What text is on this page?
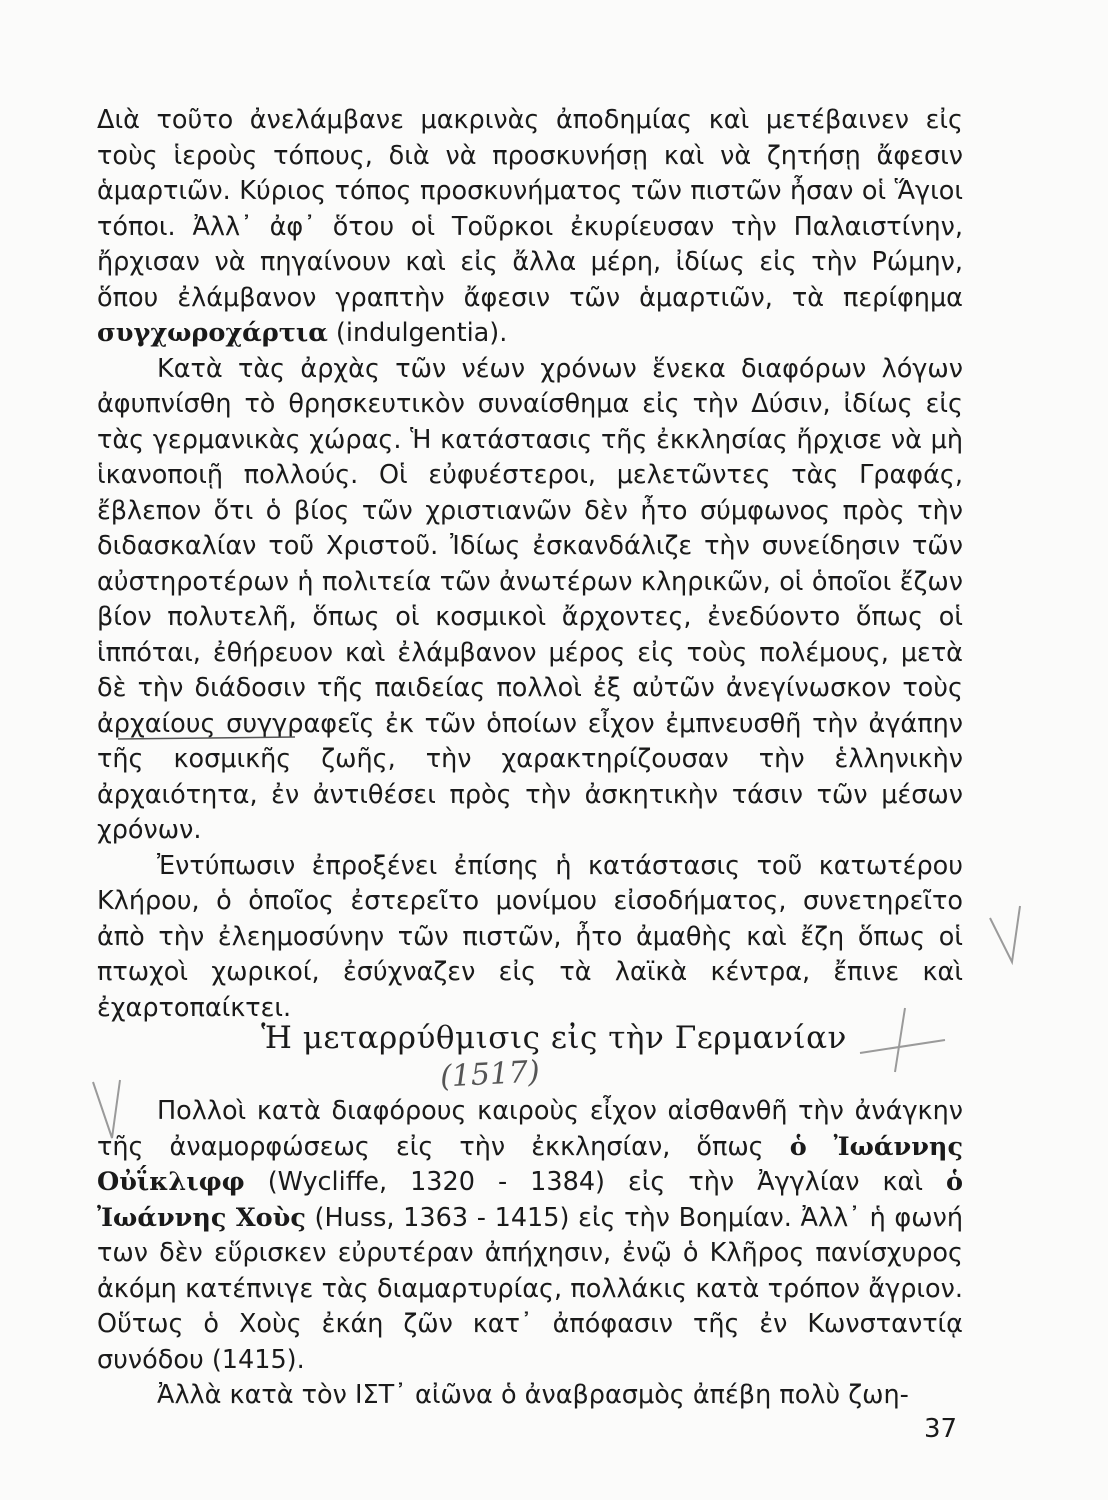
Διὰ τοῦτο ἀνελάμβανε μακρινὰς ἀποδημίας καὶ μετέβαινεν εἰς τοὺς ἱεροὺς τόπους, διὰ νὰ προσκυνήσῃ καὶ νὰ ζητήσῃ ἄφεσιν ἁμαρτιῶν. Κύριος τόπος προσκυνήματος τῶν πιστῶν ἦσαν οἱ Ἅγιοι τόποι. Ἀλλ᾽ ἀφ᾽ ὅτου οἱ Τοῦρκοι ἐκυρίευσαν τὴν Παλαιστίνην, ἤρχισαν νὰ πηγαίνουν καὶ εἰς ἄλλα μέρη, ἰδίως εἰς τὴν Ρώμην, ὅπου ἐλάμβανον γραπτὴν ἄφεσιν τῶν ἁμαρτιῶν, τὰ περίφημα συγχωροχάρτια (indulgentia).

Κατὰ τὰς ἀρχὰς τῶν νέων χρόνων ἕνεκα διαφόρων λόγων ἀφυπνίσθη τὸ θρησκευτικὸν συναίσθημα εἰς τὴν Δύσιν, ἰδίως εἰς τὰς γερμανικὰς χώρας. Ἡ κατάστασις τῆς ἐκκλησίας ἤρχισε νὰ μὴ ἱκανοποιῇ πολλούς. Οἱ εὐφυέστεροι, μελετῶντες τὰς Γραφάς, ἔβλεπον ὅτι ὁ βίος τῶν χριστιανῶν δὲν ἦτο σύμφωνος πρὸς τὴν διδασκαλίαν τοῦ Χριστοῦ. Ἰδίως ἐσκανδάλιζε τὴν συνείδησιν τῶν αὐστηροτέρων ἡ πολιτεία τῶν ἀνωτέρων κληρικῶν, οἱ ὁποῖοι ἔζων βίον πολυτελῆ, ὅπως οἱ κοσμικοὶ ἄρχοντες, ἐνεδύοντο ὅπως οἱ ἱππόται, ἐθήρευον καὶ ἐλάμβανον μέρος εἰς τοὺς πολέμους, μετὰ δὲ τὴν διάδοσιν τῆς παιδείας πολλοὶ ἐξ αὐτῶν ἀνεγίνωσκον τοὺς ἀρχαίους συγγραφεῖς ἐκ τῶν ὁποίων εἶχον ἐμπνευσθῆ τὴν ἀγάπην τῆς κοσμικῆς ζωῆς, τὴν χαρακτηρίζουσαν τὴν ἑλληνικὴν ἀρχαιότητα, ἐν ἀντιθέσει πρὸς τὴν ἀσκητικὴν τάσιν τῶν μέσων χρόνων.

Ἐντύπωσιν ἐπροξένει ἐπίσης ἡ κατάστασις τοῦ κατωτέρου Κλήρου, ὁ ὁποῖος ἐστερεῖτο μονίμου εἰσοδήματος, συνετηρεῖτο ἀπὸ τὴν ἐλεημοσύνην τῶν πιστῶν, ἦτο ἀμαθὴς καὶ ἔζη ὅπως οἱ πτωχοὶ χωρικοί, ἐσύχναζεν εἰς τὰ λαϊκὰ κέντρα, ἔπινε καὶ ἐχαρτοπαίκτει.

Ἡ μεταρρύθμισις εἰς τὴν Γερμανίαν
(1517)

Πολλοὶ κατὰ διαφόρους καιροὺς εἶχον αἰσθανθῆ τὴν ἀνάγκην τῆς ἀναμορφώσεως εἰς τὴν ἐκκλησίαν, ὅπως ὁ Ἰωάννης Οὐΐκλιφφ (Wycliffe, 1320 - 1384) εἰς τὴν Ἀγγλίαν καὶ ὁ Ἰωάννης Χοὺς (Huss, 1363 - 1415) εἰς τὴν Βοημίαν. Ἀλλ᾽ ἡ φωνή των δὲν εὕρισκεν εὐρυτέραν ἀπήχησιν, ἐνῷ ὁ Κλῆρος πανίσχυρος ἀκόμη κατέπνιγε τὰς διαμαρτυρίας, πολλάκις κατὰ τρόπον ἄγριον. Οὕτως ὁ Χοὺς ἐκάη ζῶν κατ᾽ ἀπόφασιν τῆς ἐν Κωνσταντίᾳ συνόδου (1415).

Ἀλλὰ κατὰ τὸν ΙΣΤ᾽ αἰῶνα ὁ ἀναβρασμὸς ἀπέβη πολὺ ζωη-

37
